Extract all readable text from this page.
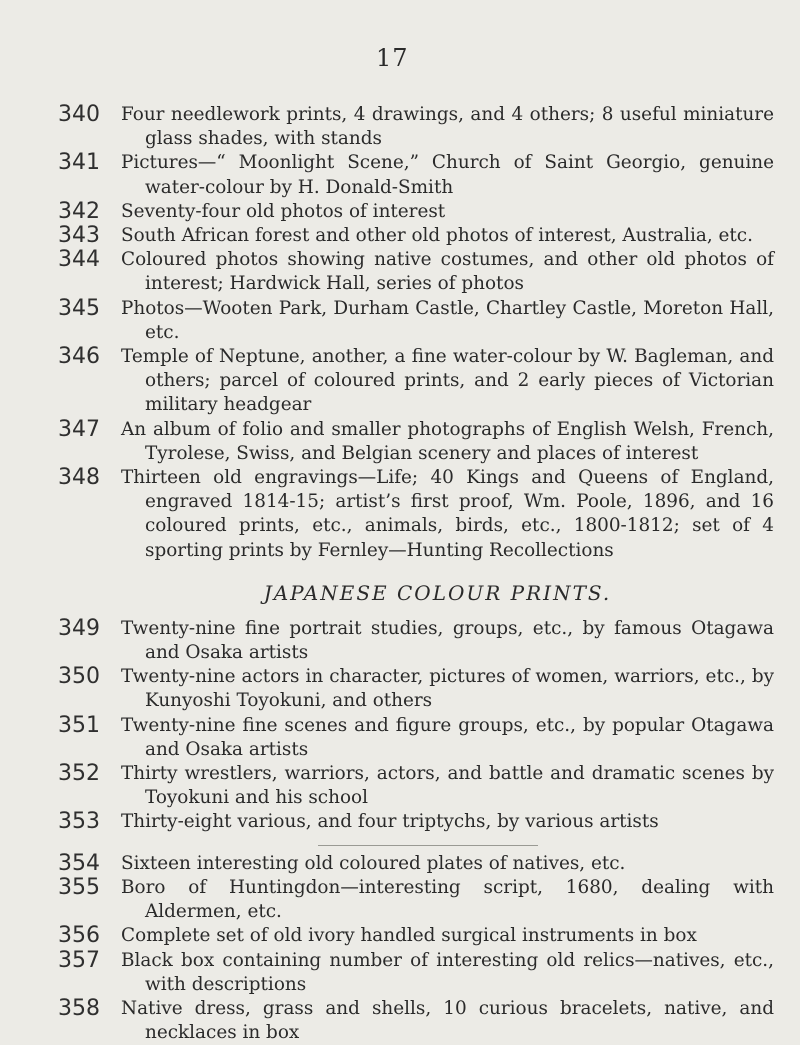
17
340	Four needlework prints, 4 drawings, and 4 others; 8 useful miniature glass shades, with stands
341	Pictures—“ Moonlight Scene,” Church of Saint Georgio, genuine water-colour by H. Donald-Smith
342	Seventy-four old photos of interest
343	South African forest and other old photos of interest, Australia, etc.
344	Coloured photos showing native costumes, and other old photos of interest; Hardwick Hall, series of photos
345	Photos—Wooten Park, Durham Castle, Chartley Castle, Moreton Hall, etc.
346	Temple of Neptune, another, a fine water-colour by W. Bagleman, and others; parcel of coloured prints, and 2 early pieces of Victorian military headgear
347	An album of folio and smaller photographs of English Welsh, French, Tyrolese, Swiss, and Belgian scenery and places of interest
348	Thirteen old engravings—Life; 40 Kings and Queens of England, engraved 1814-15; artist’s first proof, Wm. Poole, 1896, and 16 coloured prints, etc., animals, birds, etc., 1800-1812; set of 4 sporting prints by Fernley—Hunting Recollections
JAPANESE COLOUR PRINTS.
349	Twenty-nine fine portrait studies, groups, etc., by famous Otagawa and Osaka artists
350	Twenty-nine actors in character, pictures of women, warriors, etc., by Kunyoshi Toyokuni, and others
351	Twenty-nine fine scenes and figure groups, etc., by popular Otagawa and Osaka artists
352	Thirty wrestlers, warriors, actors, and battle and dramatic scenes by Toyokuni and his school
353	Thirty-eight various, and four triptychs, by various artists
354	Sixteen interesting old coloured plates of natives, etc.
355	Boro of Huntingdon—interesting script, 1680, dealing with Aldermen, etc.
356	Complete set of old ivory handled surgical instruments in box
357	Black box containing number of interesting old relics—natives, etc., with descriptions
358	Native dress, grass and shells, 10 curious bracelets, native, and necklaces in box
